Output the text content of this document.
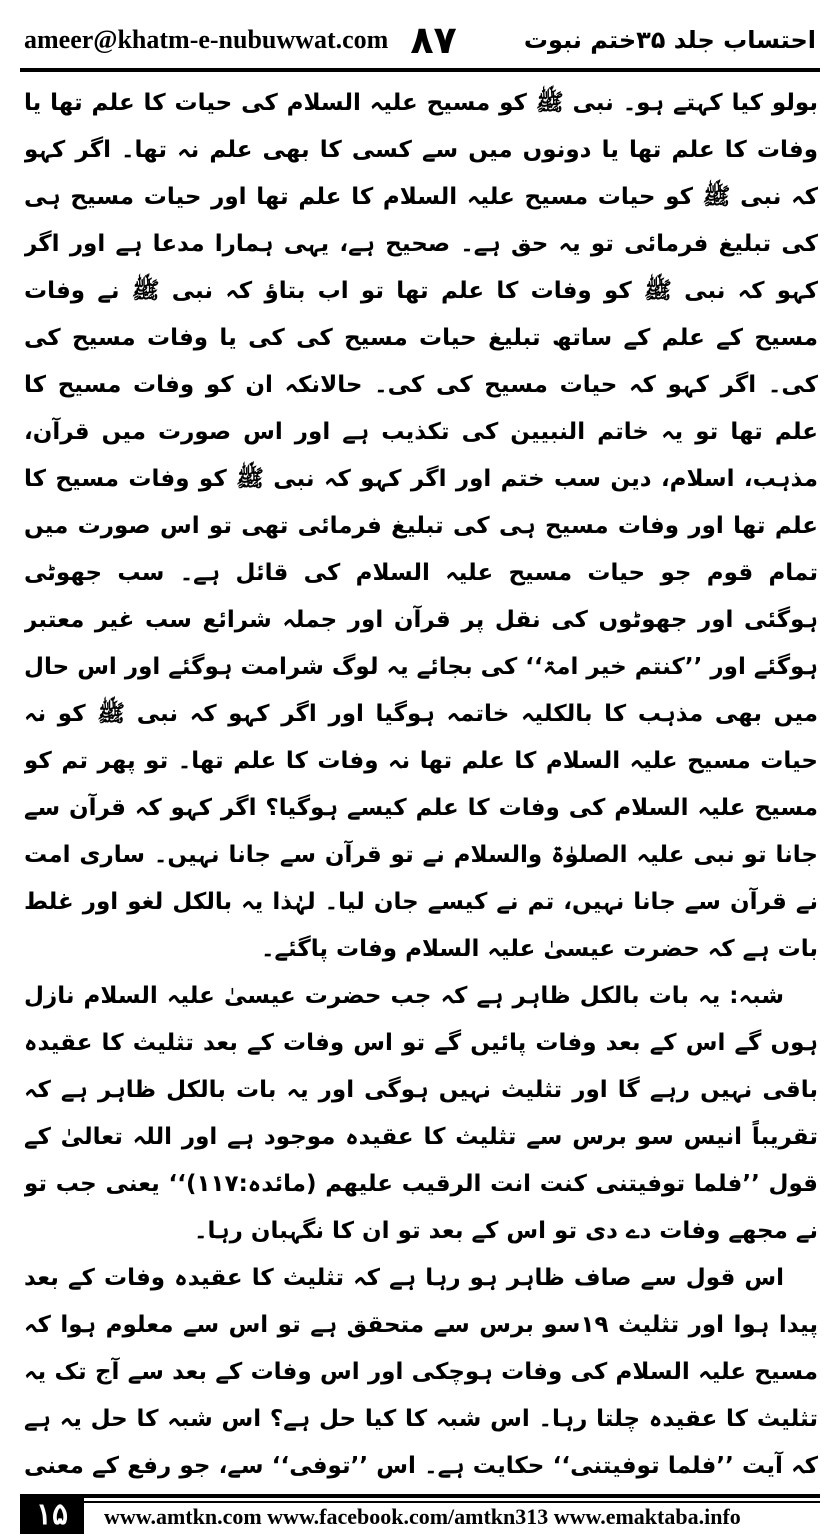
ameer@khatm-e-nubuwwat.com ۸۷	احتساب جلد ۳۵ختم نبوت

بولو کیا کہتے ہو۔ نبی ﷺ کو مسیح علیہ السلام کی حیات کا علم تھا یا وفات کا علم تھا یا دونوں میں سے کسی کا بھی علم نہ تھا۔ اگر کہو کہ نبی ﷺ کو حیات مسیح علیہ السلام کا علم تھا اور حیات مسیح ہی کی تبلیغ فرمائی تو یہ حق ہے۔ صحیح ہے، یہی ہمارا مدعا ہے اور اگر کہو کہ نبی ﷺ کو وفات کا علم تھا تو اب بتاؤ کہ نبی ﷺ نے وفات مسیح کے علم کے ساتھ تبلیغ حیات مسیح کی کی یا وفات مسیح کی کی۔ اگر کہو کہ حیات مسیح کی کی۔ حالانکہ ان کو وفات مسیح کا علم تھا تو یہ خاتم النبیین کی تکذیب ہے اور اس صورت میں قرآن، مذہب، اسلام، دین سب ختم اور اگر کہو کہ نبی ﷺ کو وفات مسیح کا علم تھا اور وفات مسیح ہی کی تبلیغ فرمائی تھی تو اس صورت میں تمام قوم جو حیات مسیح علیہ السلام کی قائل ہے۔ سب جھوٹی ہوگئی اور جھوٹوں کی نقل پر قرآن اور جملہ شرائع سب غیر معتبر ہوگئے اور ’’کنتم خیر امۃ‘‘ کی بجائے یہ لوگ شرامت ہوگئے اور اس حال میں بھی مذہب کا بالکلیہ خاتمہ ہوگیا اور اگر کہو کہ نبی ﷺ کو نہ حیات مسیح علیہ السلام کا علم تھا نہ وفات کا علم تھا۔ تو پھر تم کو مسیح علیہ السلام کی وفات کا علم کیسے ہوگیا؟ اگر کہو کہ قرآن سے جانا تو نبی علیہ الصلوٰۃ والسلام نے تو قرآن سے جانا نہیں۔ ساری امت نے قرآن سے جانا نہیں، تم نے کیسے جان لیا۔ لہٰذا یہ بالکل لغو اور غلط بات ہے کہ حضرت عیسیٰ علیہ السلام وفات پاگئے۔

شبہ: یہ بات بالکل ظاہر ہے کہ جب حضرت عیسیٰ علیہ السلام نازل ہوں گے اس کے بعد وفات پائیں گے تو اس وفات کے بعد تثلیث کا عقیدہ باقی نہیں رہے گا اور تثلیث نہیں ہوگی اور یہ بات بالکل ظاہر ہے کہ تقریباً انیس سو برس سے تثلیث کا عقیدہ موجود ہے اور اللہ تعالیٰ کے قول ’’فلما توفیتنی کنت انت الرقیب علیھم (مائدہ:۱۱۷)‘‘ یعنی جب تو نے مجھے وفات دے دی تو اس کے بعد تو ان کا نگہبان رہا۔

اس قول سے صاف ظاہر ہو رہا ہے کہ تثلیث کا عقیدہ وفات کے بعد پیدا ہوا اور تثلیث ۱۹سو برس سے متحقق ہے تو اس سے معلوم ہوا کہ مسیح علیہ السلام کی وفات ہوچکی اور اس وفات کے بعد سے آج تک یہ تثلیث کا عقیدہ چلتا رہا۔ اس شبہ کا کیا حل ہے؟ اس شبہ کا حل یہ ہے کہ آیت ’’فلما توفیتنی‘‘ حکایت ہے۔ اس ’’توفی‘‘ سے، جو رفع کے معنی

۱۵	www.amtkn.com www.facebook.com/amtkn313 www.emaktaba.info
